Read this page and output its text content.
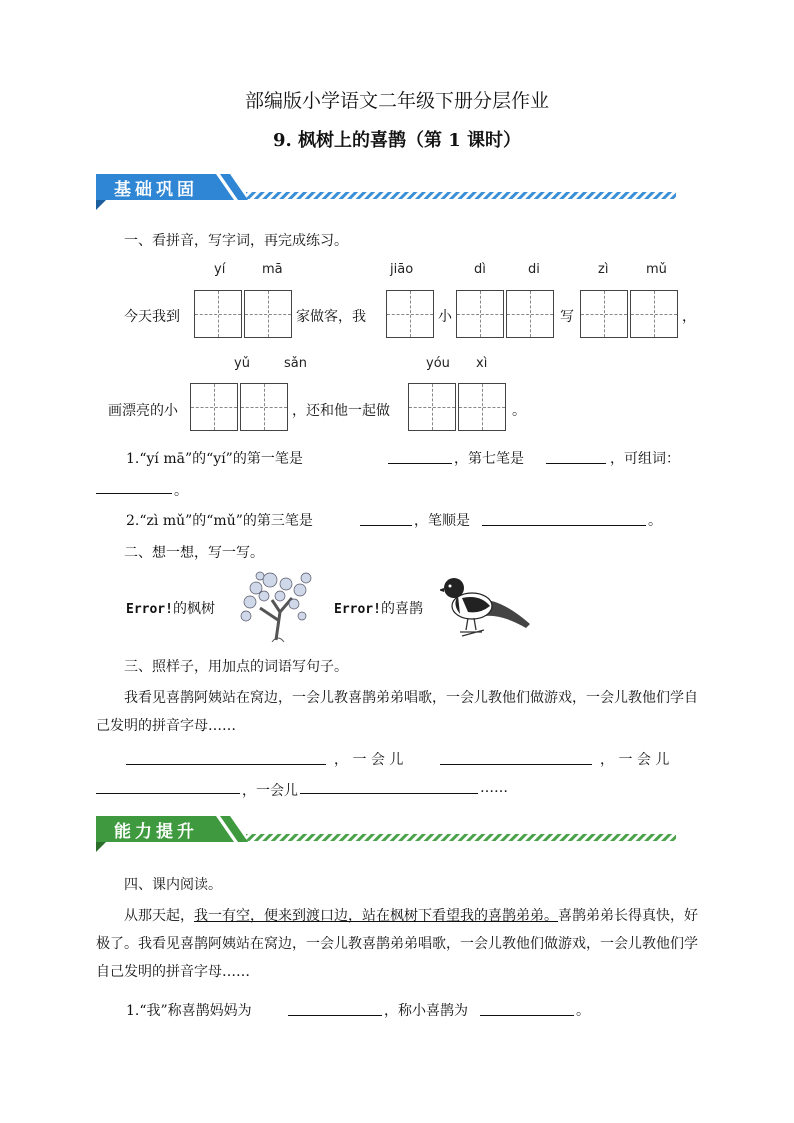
部编版小学语文二年级下册分层作业
9. 枫树上的喜鹊（第 1 课时）
基础巩固
一、看拼音，写字词，再完成练习。
yí	mā	jiāo	dì	di	zì	mǔ
今天我到	家做客，我	小	写	，
yǔ	sǎn	yóu xì
画漂亮的小	，还和他一起做	。
1.“yí mā”的“yí”的第一笔是	，第七笔是	，可组词：
。
2.“zì mǔ”的“mǔ”的第三笔是	，笔顺是	。
二、想一想，写一写。
Error!的枫树	Error!的喜鹊
三、照样子，用加点的词语写句子。
我看见喜鹊阿姨站在窝边，一会儿教喜鹊弟弟唱歌，一会儿教他们做游戏，一会儿教他们学自己发明的拼音字母……
， 一 会 儿	， 一 会 儿
，一会儿	……
能力提升
四、课内阅读。
从那天起，我一有空，便来到渡口边，站在枫树下看望我的喜鹊弟弟。喜鹊弟弟长得真快，好极了。我看见喜鹊阿姨站在窝边，一会儿教喜鹊弟弟唱歌，一会儿教他们做游戏，一会儿教他们学自己发明的拼音字母……
1.“我”称喜鹊妈妈为	，称小喜鹊为	。
